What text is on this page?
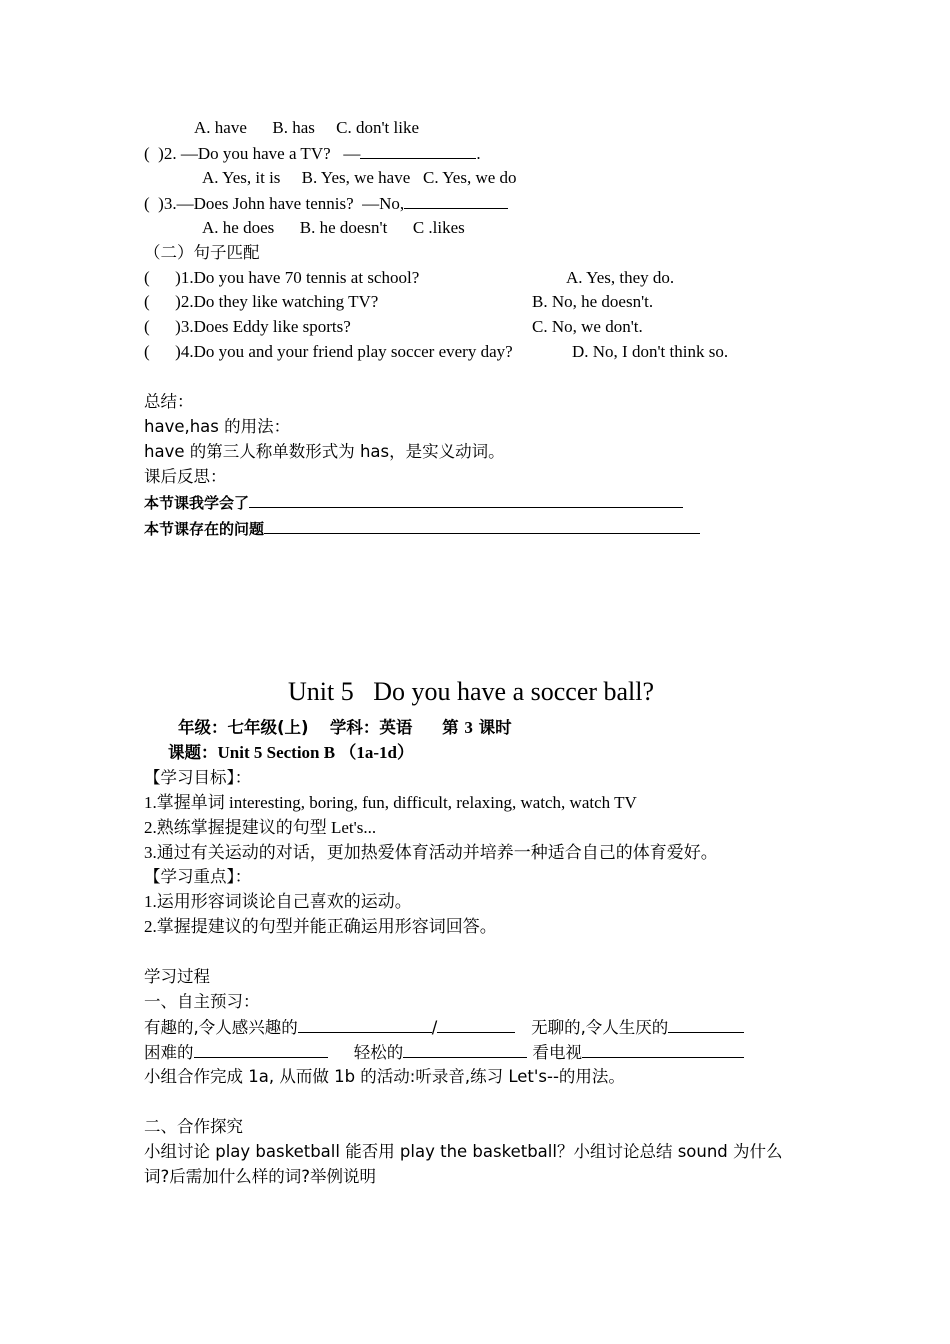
A. have      B. has     C. don't like
(  )2. —Do you have a TV?   —	.
A. Yes, it is     B. Yes, we have   C. Yes, we do
(  )3.—Does John have tennis?  —No,
A. he does      B. he doesn't      C .likes
（二）句子匹配
(      )1.Do you have 70 tennis at school?	A. Yes, they do.
(      )2.Do they like watching TV?	B. No, he doesn't.
(      )3.Does Eddy like sports?	C. No, we don't.
(      )4.Do you and your friend play soccer every day?	D. No, I don't think so.
总结：
have,has 的用法：
have 的第三人称单数形式为 has，是实义动词。
课后反思：
本节课我学会了
本节课存在的问题
Unit 5   Do you have a soccer ball?
年级：七年级(上) 学科：英语 第 3 课时
课题：Unit 5 Section B （1a-1d）
【学习目标】：
1.掌握单词 interesting, boring, fun, difficult, relaxing, watch, watch TV
2.熟练掌握提建议的句型 Let's...
3.通过有关运动的对话，更加热爱体育活动并培养一种适合自己的体育爱好。
【学习重点】：
1.运用形容词谈论自己喜欢的运动。
2.掌握提建议的句型并能正确运用形容词回答。
学习过程
一、自主预习：
有趣的,令人感兴趣的	/	无聊的,令人生厌的
困难的	轻松的	看电视
小组合作完成 1a, 从而做 1b 的活动:听录音,练习 Let's--的用法。
二、合作探究
小组讨论 play basketball 能否用 play the basketball？小组讨论总结 sound 为什么
词?后需加什么样的词?举例说明
